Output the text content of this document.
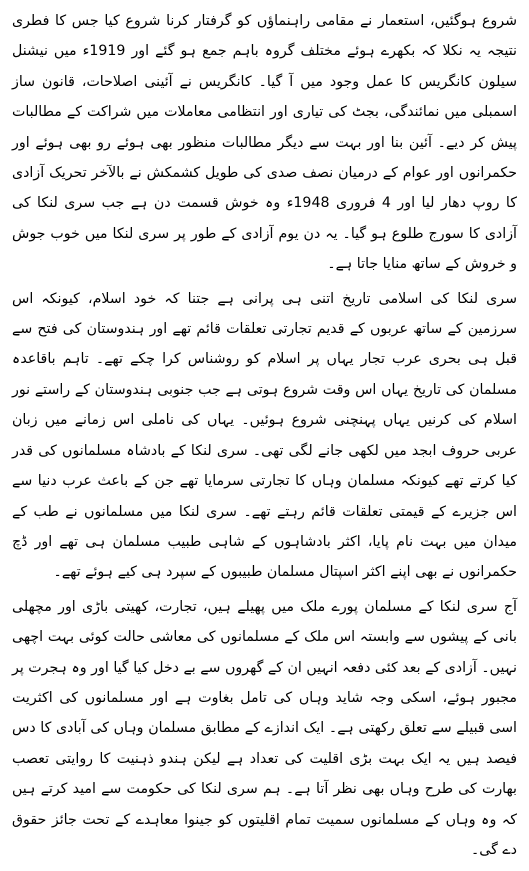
شروع ہوگئیں، استعمار نے مقامی راہنماؤں کو گرفتار کرنا شروع کیا جس کا فطری نتیجہ یہ نکلا کہ بکھرے ہوئے مختلف گروہ باہم جمع ہو گئے اور 1919ء میں نیشنل سیلون کانگریس کا عمل وجود میں آ گیا۔ کانگریس نے آئینی اصلاحات، قانون ساز اسمبلی میں نمائندگی، بجٹ کی تیاری اور انتظامی معاملات میں شراکت کے مطالبات پیش کر دیے۔ آئین بنا اور بہت سے دیگر مطالبات منظور بھی ہوئے رو بھی ہوئے اور حکمرانوں اور عوام کے درمیان نصف صدی کی طویل کشمکش نے بالآخر تحریک آزادی کا روپ دھار لیا اور 4 فروری 1948ء وہ خوش قسمت دن ہے جب سری لنکا کی آزادی کا سورج طلوع ہو گیا۔ یہ دن یوم آزادی کے طور پر سری لنکا میں خوب جوش و خروش کے ساتھ منایا جاتا ہے۔

سری لنکا کی اسلامی تاریخ اتنی ہی پرانی ہے جتنا کہ خود اسلام، کیونکہ اس سرزمین کے ساتھ عربوں کے قدیم تجارتی تعلقات قائم تھے اور ہندوستان کی فتح سے قبل ہی بحری عرب تجار یہاں پر اسلام کو روشناس کرا چکے تھے۔ تاہم باقاعدہ مسلمان کی تاریخ یہاں اس وقت شروع ہوتی ہے جب جنوبی ہندوستان کے راستے نور اسلام کی کرنیں یہاں پہنچنی شروع ہوئیں۔ یہاں کی ناملی اس زمانے میں زبان عربی حروف ابجد میں لکھی جانے لگی تھی۔ سری لنکا کے بادشاہ مسلمانوں کی قدر کیا کرتے تھے کیونکہ مسلمان وہاں کا تجارتی سرمایا تھے جن کے باعث عرب دنیا سے اس جزیرے کے قیمتی تعلقات قائم رہتے تھے۔ سری لنکا میں مسلمانوں نے طب کے میدان میں بہت نام پایا، اکثر بادشاہوں کے شاہی طبیب مسلمان ہی تھے اور ڈچ حکمرانوں نے بھی اپنے اکثر اسپتال مسلمان طبیبوں کے سپرد ہی کیے ہوئے تھے۔

آج سری لنکا کے مسلمان پورے ملک میں پھیلے ہیں، تجارت، کھیتی باڑی اور مچھلی بانی کے پیشوں سے وابستہ اس ملک کے مسلمانوں کی معاشی حالت کوئی بہت اچھی نہیں۔ آزادی کے بعد کئی دفعہ انہیں ان کے گھروں سے بے دخل کیا گیا اور وہ ہجرت پر مجبور ہوئے، اسکی وجہ شاید وہاں کی تامل بغاوت ہے اور مسلمانوں کی اکثریت اسی قبیلے سے تعلق رکھتی ہے۔ ایک اندازے کے مطابق مسلمان وہاں کی آبادی کا دس فیصد ہیں یہ ایک بہت بڑی اقلیت کی تعداد ہے لیکن ہندو ذہنیت کا روایتی تعصب بھارت کی طرح وہاں بھی نظر آتا ہے۔ ہم سری لنکا کی حکومت سے امید کرتے ہیں کہ وہ وہاں کے مسلمانوں سمیت تمام اقلیتوں کو جینوا معاہدے کے تحت جائز حقوق دے گی۔
